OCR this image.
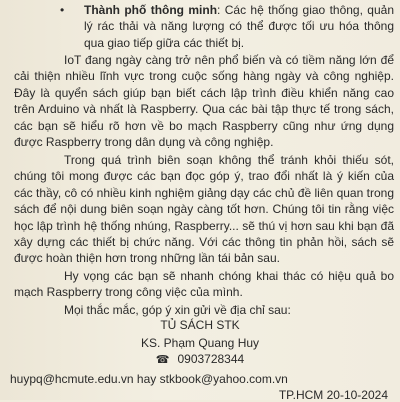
•	Thành phố thông minh: Các hệ thống giao thông, quản lý rác thải và năng lượng có thể được tối ưu hóa thông qua giao tiếp giữa các thiết bị.
IoT đang ngày càng trở nên phổ biến và có tiềm năng lớn để cải thiện nhiều lĩnh vực trong cuộc sống hàng ngày và công nghiệp. Đây là quyển sách giúp bạn biết cách lập trình điều khiển năng cao trên Arduino và nhất là Raspberry. Qua các bài tập thực tế trong sách, các bạn sẽ hiểu rõ hơn về bo mạch Raspberry cũng như ứng dụng được Raspberry trong dân dụng và công nghiệp.
Trong quá trình biên soạn không thể tránh khỏi thiếu sót, chúng tôi mong được các bạn đọc góp ý, trao đổi nhất là ý kiến của các thầy, cô có nhiều kinh nghiệm giảng dạy các chủ đề liên quan trong sách để nội dung biên soạn ngày càng tốt hơn. Chúng tôi tin rằng việc học lập trình hệ thống nhúng, Raspberry... sẽ thú vị hơn sau khi bạn đã xây dựng các thiết bị chức năng. Với các thông tin phản hồi, sách sẽ được hoàn thiện hơn trong những lần tái bản sau.
Hy vọng các bạn sẽ nhanh chóng khai thác có hiệu quả bo mạch Raspberry trong công việc của mình.
Mọi thắc mắc, góp ý xin gửi về địa chỉ sau:
TỦ SÁCH STK
KS. Phạm Quang Huy
☎ 0903728344
huypq@hcmute.edu.vn hay stkbook@yahoo.com.vn
TP.HCM 20-10-2024
